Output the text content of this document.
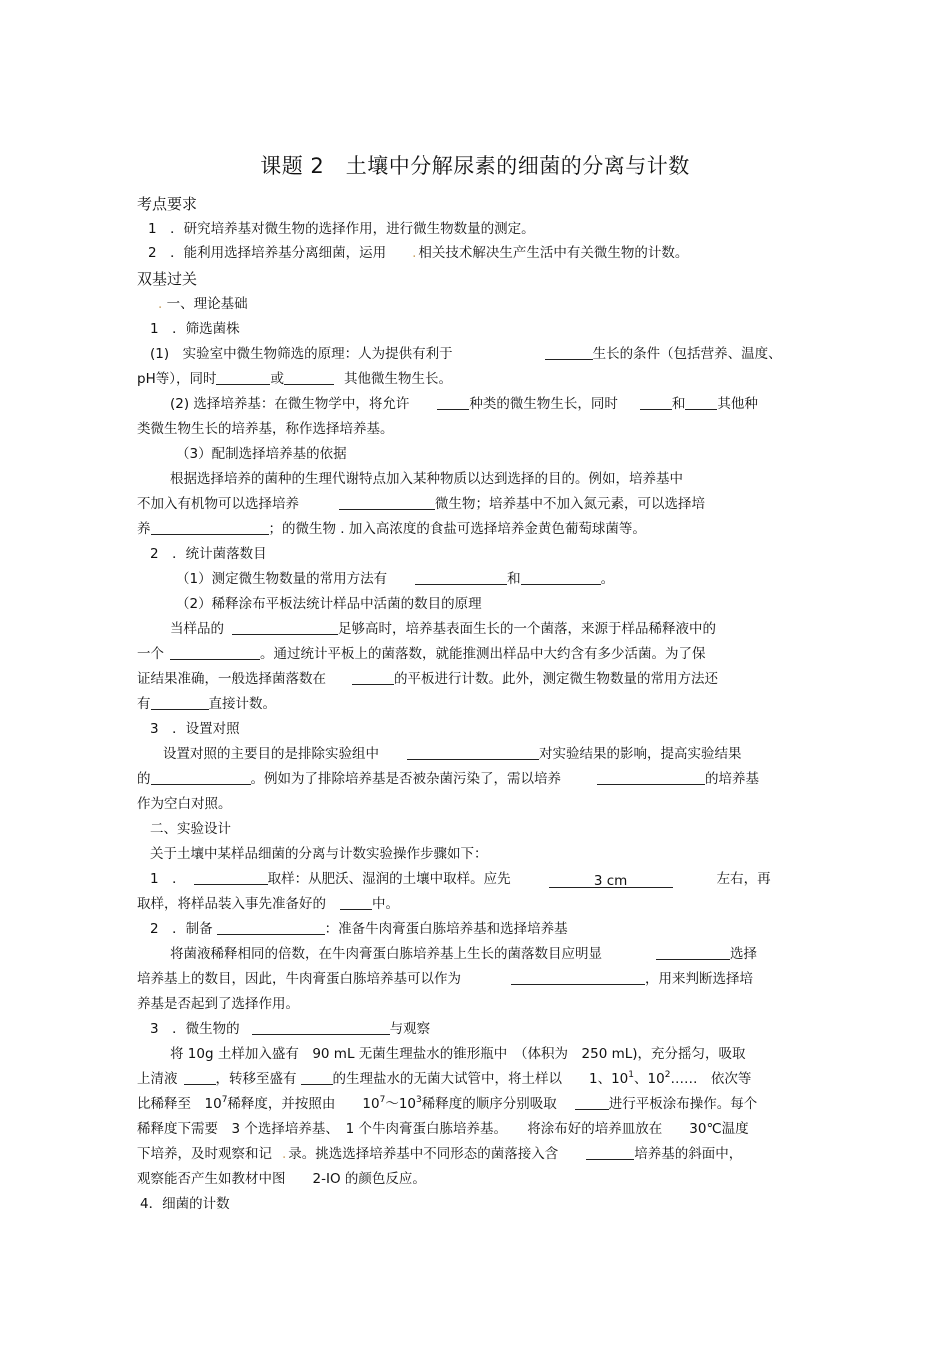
课题 2　土壤中分解尿素的细菌的分离与计数
考点要求
1　．研究培养基对微生物的选择作用，进行微生物数量的测定。
2　．能利用选择培养基分离细菌，运用 . 相关技术解决生产生活中有关微生物的计数。
双基过关
. 一、理论基础
1　．筛选菌株
(1)　实验室中微生物筛选的原理：人为提供有利于	生长的条件（包括营养、温度、
pH等），同时	或	其他微生物生长。
(2) 选择培养基：在微生物学中，将允许	种类的微生物生长，同时	和 其他种
类微生物生长的培养基，称作选择培养基。
（3）配制选择培养基的依据
根据选择培养的菌种的生理代谢特点加入某种物质以达到选择的目的。例如，培养基中
不加入有机物可以选择培养	微生物；培养基中不加入氮元素，可以选择培
养	；的微生物 . 加入高浓度的食盐可选择培养金黄色葡萄球菌等。
2　．统计菌落数目
（1）测定微生物数量的常用方法有	和	。
（2）稀释涂布平板法统计样品中活菌的数目的原理
当样品的	足够高时，培养基表面生长的一个菌落，来源于样品稀释液中的
一个	。通过统计平板上的菌落数，就能推测出样品中大约含有多少活菌。为了保
证结果准确，一般选择菌落数在	的平板进行计数。此外，测定微生物数量的常用方法还
有	直接计数。
3　．设置对照
设置对照的主要目的是排除实验组中	对实验结果的影响，提高实验结果
的	。例如为了排除培养基是否被杂菌污染了，需以培养	的培养基
作为空白对照。
二、实验设计
关于土壤中某样品细菌的分离与计数实验操作步骤如下：
1　．	取样：从肥沃、湿润的土壤中取样。应先	3 cm	左右，再
取样，将样品装入事先准备好的	中。
2　．制备	：准备牛肉膏蛋白胨培养基和选择培养基
将菌液稀释相同的倍数，在牛肉膏蛋白胨培养基上生长的菌落数目应明显	选择
培养基上的数目，因此，牛肉膏蛋白胨培养基可以作为	，用来判断选择培
养基是否起到了选择作用。
3　．微生物的	与观察
将 10g 土样加入盛有　90 mL 无菌生理盐水的锥形瓶中　（体积为　250 mL)，充分摇匀，吸取
上清液	，转移至盛有	的生理盐水的无菌大试管中，将土样以　　1、$10^1$、$10^2\dots\dots$　依次等
比稀释至　$10^7$稀释度，并按照由　　$10^7\sim 10^3$稀释度的顺序分别吸取	进行平板涂布操作。每个
稀释度下需要　3 个选择培养基、　1 个牛肉膏蛋白胨培养基。　　将涂布好的培养皿放在　　30℃温度
下培养，及时观察和记 . 录。挑选选择培养基中不同形态的菌落接入含	培养基的斜面中，
观察能否产生如教材中图　　2-IO 的颜色反应。
4．细菌的计数
